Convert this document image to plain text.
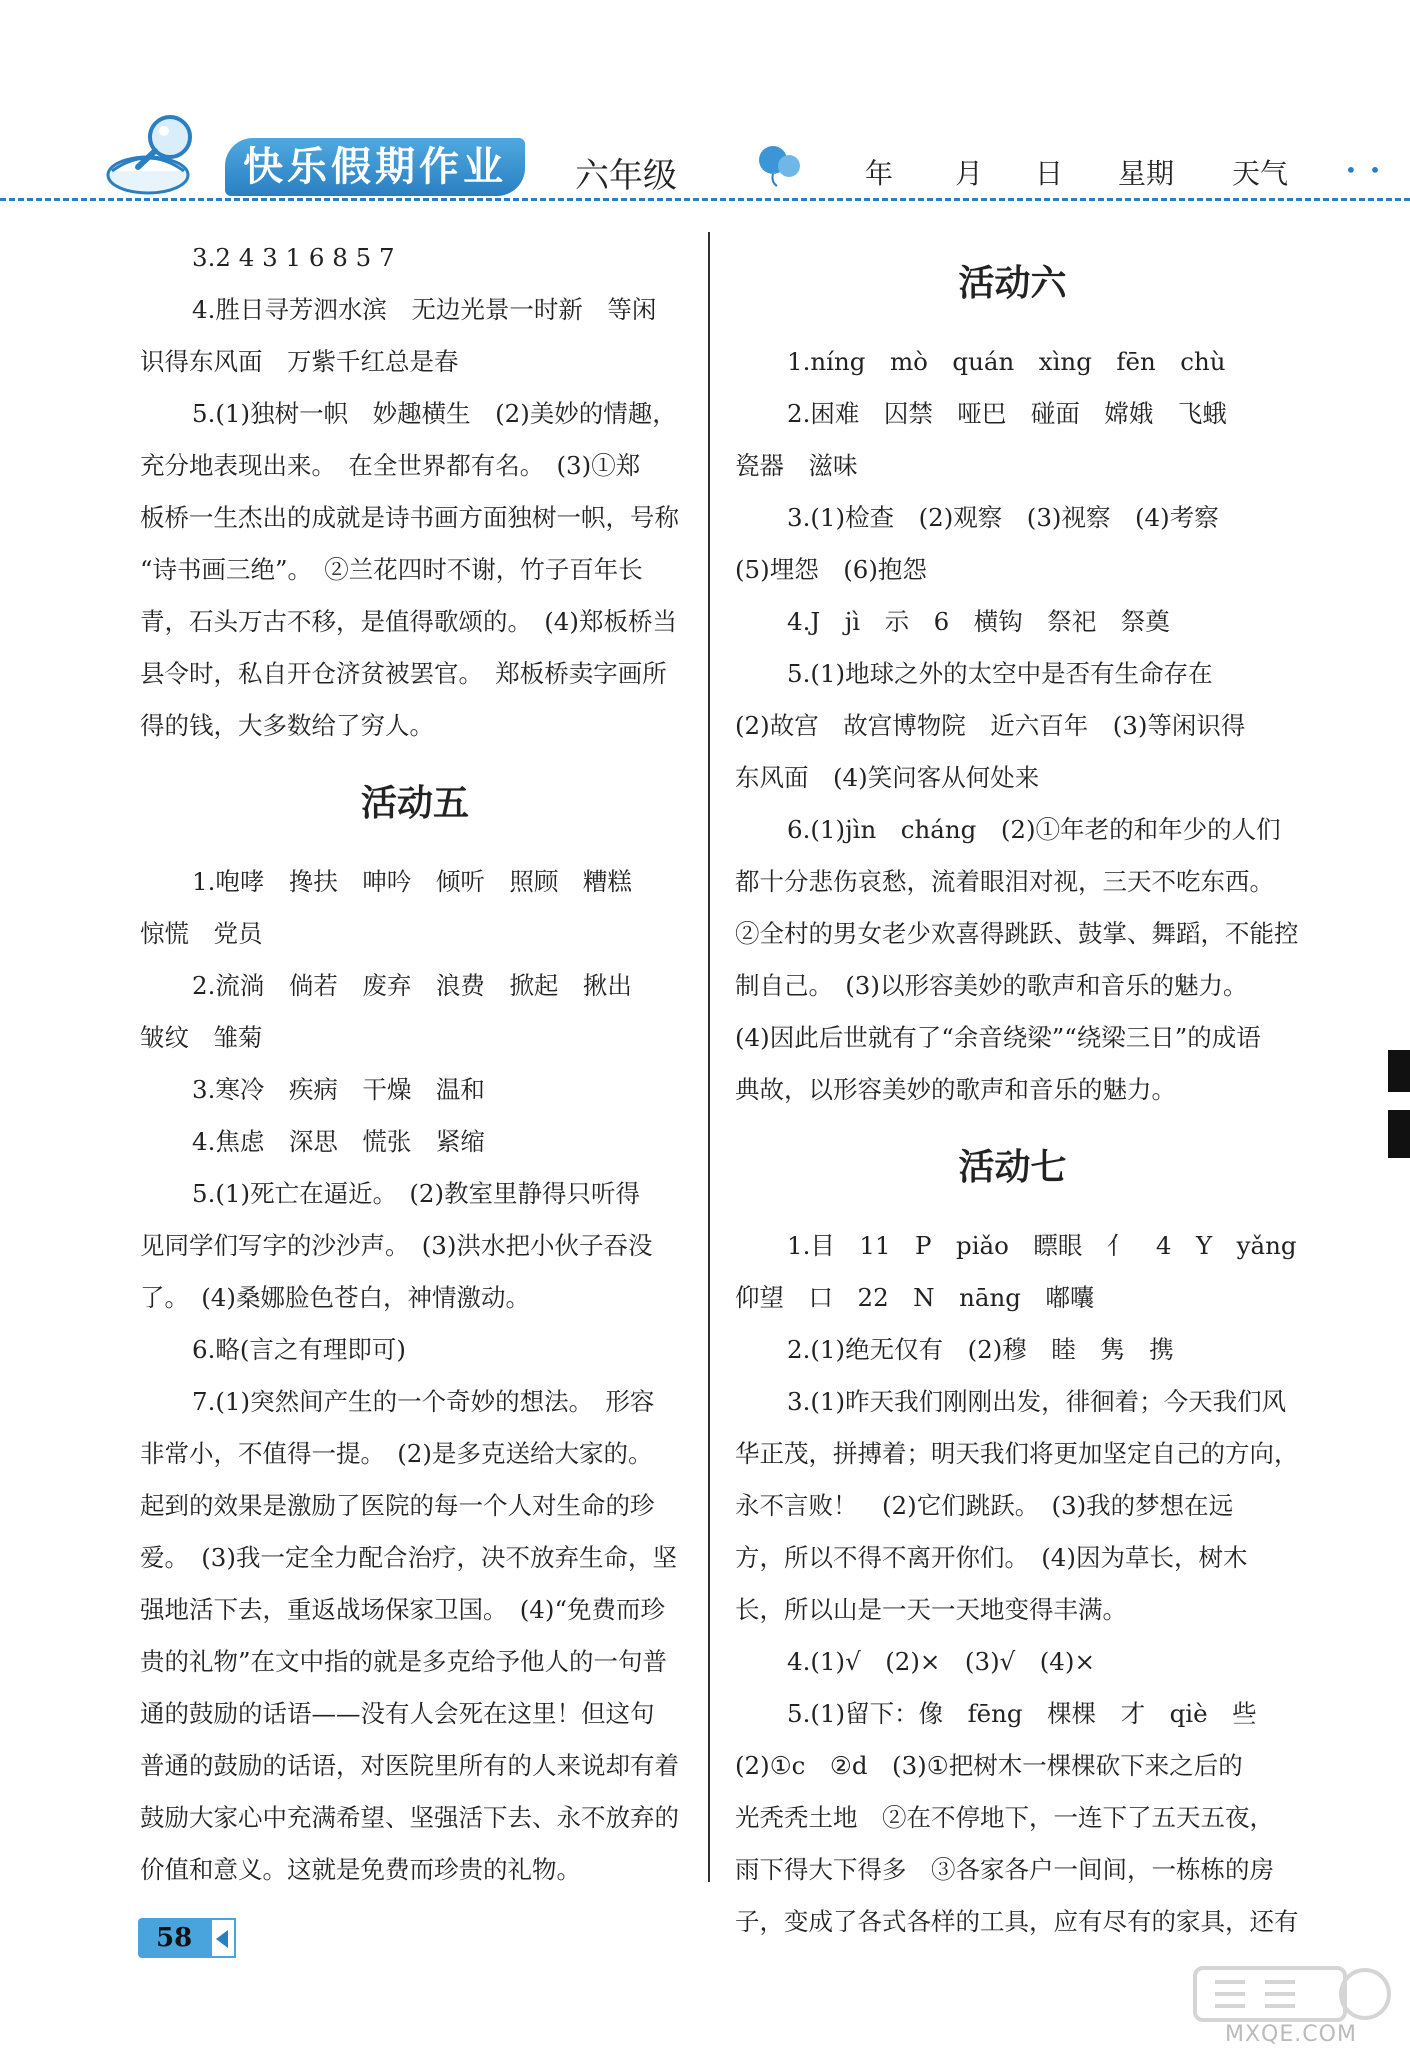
快乐假期作业	六年级	年 月 日 星期 天气	• •
3.2 4 3 1 6 8 5 7
4.胜日寻芳泗水滨　无边光景一时新　等闲
识得东风面　万紫千红总是春
5.(1)独树一帜　妙趣横生　(2)美妙的情趣，
充分地表现出来。　在全世界都有名。　(3)①郑
板桥一生杰出的成就是诗书画方面独树一帜，号称
“诗书画三绝”。　②兰花四时不谢，竹子百年长
青，石头万古不移，是值得歌颂的。　(4)郑板桥当
县令时，私自开仓济贫被罢官。　郑板桥卖字画所
得的钱，大多数给了穷人。
活动五
1.咆哮　搀扶　呻吟　倾听　照顾　糟糕
惊慌　党员
2.流淌　倘若　废弃　浪费　掀起　揪出
皱纹　雏菊
3.寒冷　疾病　干燥　温和
4.焦虑　深思　慌张　紧缩
5.(1)死亡在逼近。　(2)教室里静得只听得
见同学们写字的沙沙声。　(3)洪水把小伙子吞没
了。　(4)桑娜脸色苍白，神情激动。
6.略(言之有理即可)
7.(1)突然间产生的一个奇妙的想法。　形容
非常小，不值得一提。　(2)是多克送给大家的。
起到的效果是激励了医院的每一个人对生命的珍
爱。　(3)我一定全力配合治疗，决不放弃生命，坚
强地活下去，重返战场保家卫国。　(4)“免费而珍
贵的礼物”在文中指的就是多克给予他人的一句普
通的鼓励的话语——没有人会死在这里！但这句
普通的鼓励的话语，对医院里所有的人来说却有着
鼓励大家心中充满希望、坚强活下去、永不放弃的
价值和意义。这就是免费而珍贵的礼物。
活动六
1.níng　mò　quán　xìng　fēn　chù
2.困难　囚禁　哑巴　碰面　嫦娥　飞蛾
瓷器　滋味
3.(1)检查　(2)观察　(3)视察　(4)考察
(5)埋怨　(6)抱怨
4.J　jì　示　6　横钩　祭祀　祭奠
5.(1)地球之外的太空中是否有生命存在
(2)故宫　故宫博物院　近六百年　(3)等闲识得
东风面　(4)笑问客从何处来
6.(1)jìn　cháng　(2)①年老的和年少的人们
都十分悲伤哀愁，流着眼泪对视，三天不吃东西。
②全村的男女老少欢喜得跳跃、鼓掌、舞蹈，不能控
制自己。　(3)以形容美妙的歌声和音乐的魅力。
(4)因此后世就有了“余音绕梁”“绕梁三日”的成语
典故，以形容美妙的歌声和音乐的魅力。
活动七
1.目　11　P　piǎo　瞟眼　亻　4　Y　yǎng
仰望　口　22　N　nāng　嘟囔
2.(1)绝无仅有　(2)穆　睦　隽　携
3.(1)昨天我们刚刚出发，徘徊着；今天我们风
华正茂，拼搏着；明天我们将更加坚定自己的方向，
永不言败！　(2)它们跳跃。　(3)我的梦想在远
方，所以不得不离开你们。　(4)因为草长，树木
长，所以山是一天一天地变得丰满。
4.(1)√　(2)×　(3)√　(4)×
5.(1)留下：像　fēng　棵棵　才　qiè　些
(2)①c　②d　(3)①把树木一棵棵砍下来之后的
光秃秃土地　②在不停地下，一连下了五天五夜，
雨下得大下得多　③各家各户一间间，一栋栋的房
子，变成了各式各样的工具，应有尽有的家具，还有
58
MXQE.COM
